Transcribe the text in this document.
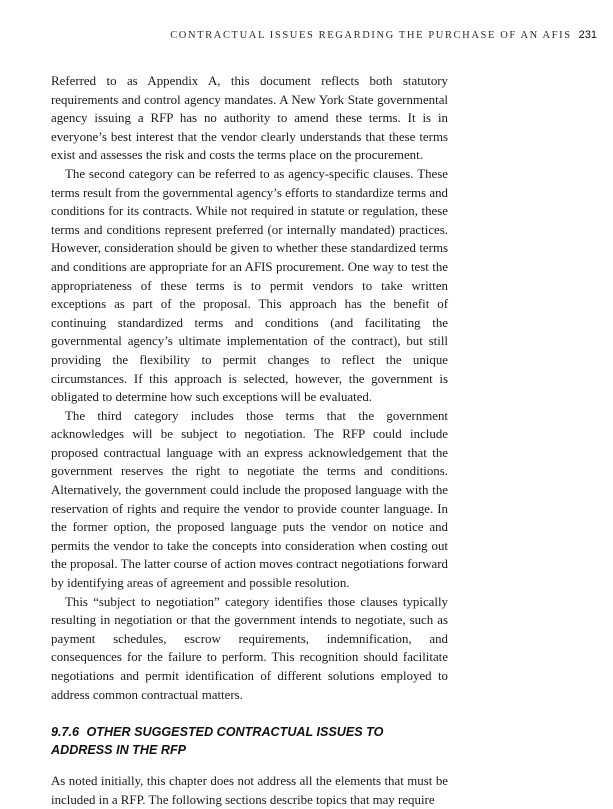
CONTRACTUAL ISSUES REGARDING THE PURCHASE OF AN AFIS 231

Referred to as Appendix A, this document reflects both statutory requirements and control agency mandates. A New York State governmental agency issuing a RFP has no authority to amend these terms. It is in everyone’s best interest that the vendor clearly understands that these terms exist and assesses the risk and costs the terms place on the procurement.

The second category can be referred to as agency-specific clauses. These terms result from the governmental agency’s efforts to standardize terms and conditions for its contracts. While not required in statute or regulation, these terms and conditions represent preferred (or internally mandated) practices. However, consideration should be given to whether these standardized terms and conditions are appropriate for an AFIS procurement. One way to test the appropriateness of these terms is to permit vendors to take written exceptions as part of the proposal. This approach has the benefit of continuing standardized terms and conditions (and facilitating the governmental agency’s ultimate implementation of the contract), but still providing the flexibility to permit changes to reflect the unique circumstances. If this approach is selected, however, the government is obligated to determine how such exceptions will be evaluated.

The third category includes those terms that the government acknowledges will be subject to negotiation. The RFP could include proposed contractual language with an express acknowledgement that the government reserves the right to negotiate the terms and conditions. Alternatively, the government could include the proposed language with the reservation of rights and require the vendor to provide counter language. In the former option, the proposed language puts the vendor on notice and permits the vendor to take the concepts into consideration when costing out the proposal. The latter course of action moves contract negotiations forward by identifying areas of agreement and possible resolution.

This “subject to negotiation” category identifies those clauses typically resulting in negotiation or that the government intends to negotiate, such as payment schedules, escrow requirements, indemnification, and consequences for the failure to perform. This recognition should facilitate negotiations and permit identification of different solutions employed to address common contractual matters.

9.7.6 OTHER SUGGESTED CONTRACTUAL ISSUES TO ADDRESS IN THE RFP

As noted initially, this chapter does not address all the elements that must be included in a RFP. The following sections describe topics that may require
